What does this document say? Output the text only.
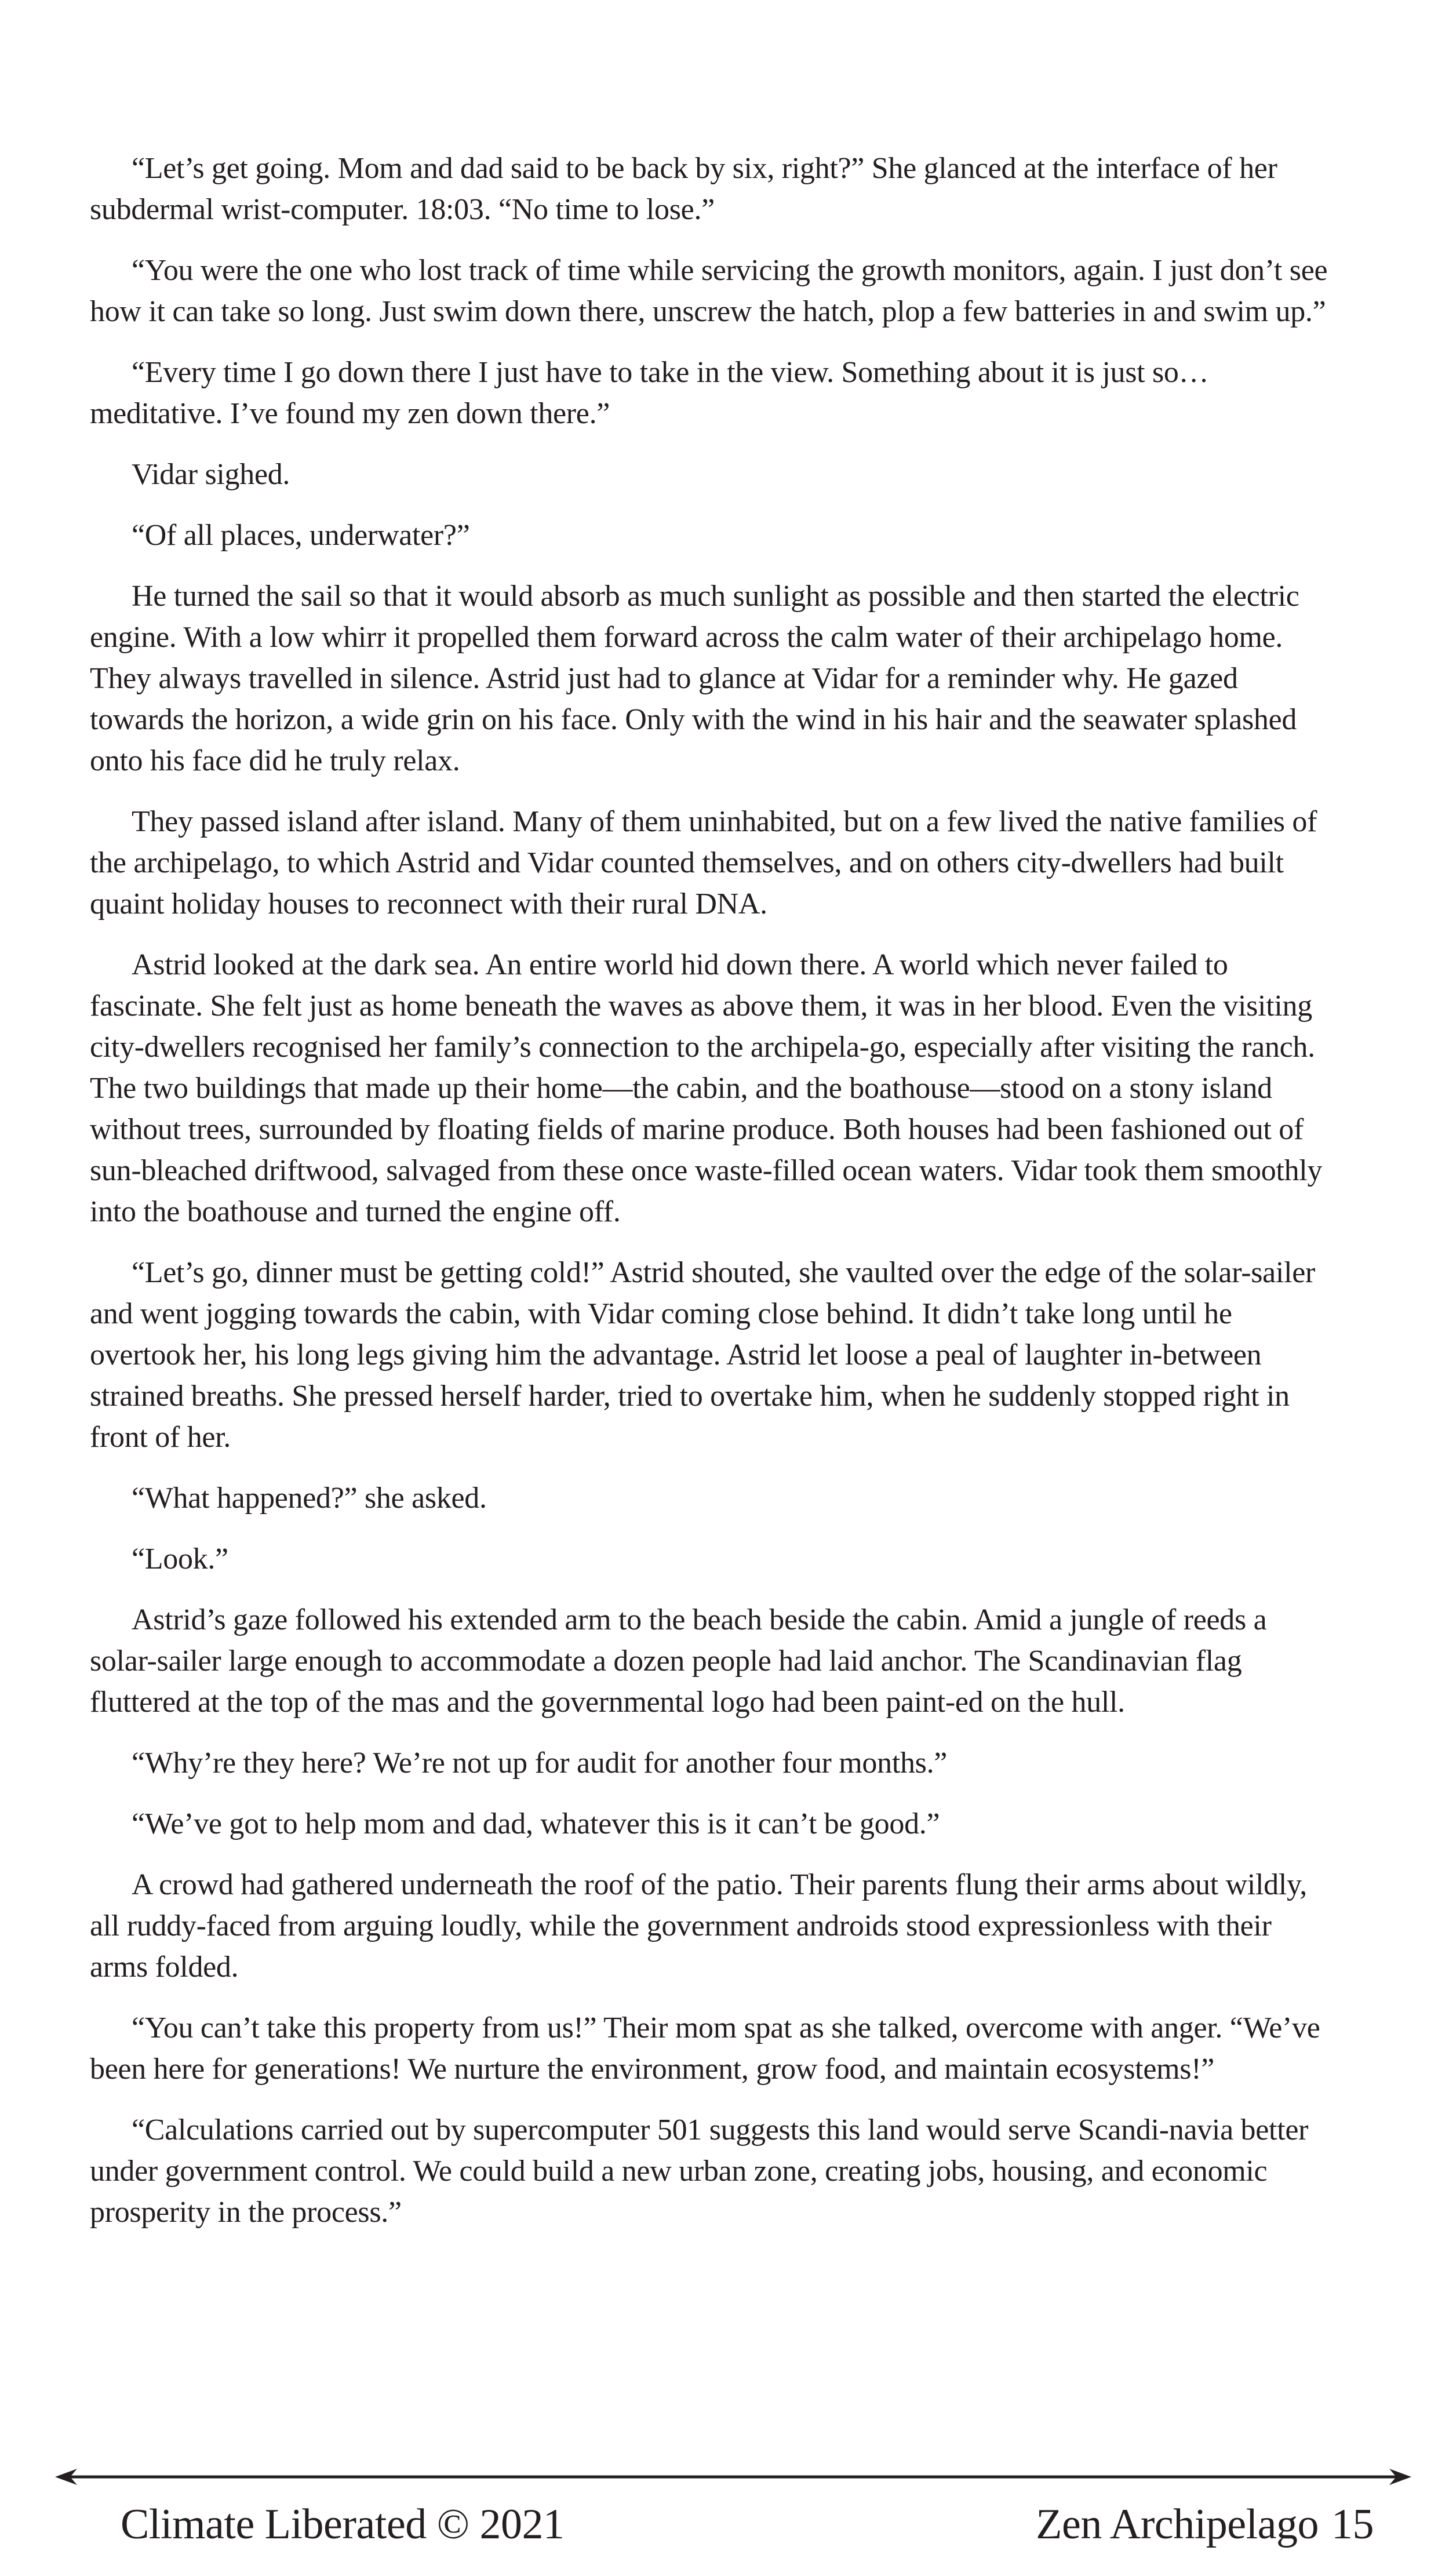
“Let’s get going. Mom and dad said to be back by six, right?” She glanced at the interface of her subdermal wrist-computer. 18:03. “No time to lose.”

“You were the one who lost track of time while servicing the growth monitors, again. I just don’t see how it can take so long. Just swim down there, unscrew the hatch, plop a few batteries in and swim up.”

“Every time I go down there I just have to take in the view. Something about it is just so… meditative. I’ve found my zen down there.”

Vidar sighed.

“Of all places, underwater?”

He turned the sail so that it would absorb as much sunlight as possible and then started the electric engine. With a low whirr it propelled them forward across the calm water of their archipelago home. They always travelled in silence. Astrid just had to glance at Vidar for a reminder why. He gazed towards the horizon, a wide grin on his face. Only with the wind in his hair and the seawater splashed onto his face did he truly relax.

They passed island after island. Many of them uninhabited, but on a few lived the native families of the archipelago, to which Astrid and Vidar counted themselves, and on others city-dwellers had built quaint holiday houses to reconnect with their rural DNA.

Astrid looked at the dark sea. An entire world hid down there. A world which never failed to fascinate. She felt just as home beneath the waves as above them, it was in her blood. Even the visiting city-dwellers recognised her family’s connection to the archipela-go, especially after visiting the ranch. The two buildings that made up their home—the cabin, and the boathouse—stood on a stony island without trees, surrounded by floating fields of marine produce. Both houses had been fashioned out of sun-bleached driftwood, salvaged from these once waste-filled ocean waters. Vidar took them smoothly into the boathouse and turned the engine off.

“Let’s go, dinner must be getting cold!” Astrid shouted, she vaulted over the edge of the solar-sailer and went jogging towards the cabin, with Vidar coming close behind. It didn’t take long until he overtook her, his long legs giving him the advantage. Astrid let loose a peal of laughter in-between strained breaths. She pressed herself harder, tried to overtake him, when he suddenly stopped right in front of her.

“What happened?” she asked.

“Look.”

Astrid’s gaze followed his extended arm to the beach beside the cabin. Amid a jungle of reeds a solar-sailer large enough to accommodate a dozen people had laid anchor. The Scandinavian flag fluttered at the top of the mas and the governmental logo had been paint-ed on the hull.

“Why’re they here? We’re not up for audit for another four months.”

“We’ve got to help mom and dad, whatever this is it can’t be good.”

A crowd had gathered underneath the roof of the patio. Their parents flung their arms about wildly, all ruddy-faced from arguing loudly, while the government androids stood expressionless with their arms folded.

“You can’t take this property from us!” Their mom spat as she talked, overcome with anger. “We’ve been here for generations! We nurture the environment, grow food, and maintain ecosystems!”

“Calculations carried out by supercomputer 501 suggests this land would serve Scandi-navia better under government control. We could build a new urban zone, creating jobs, housing, and economic prosperity in the process.”

Climate Liberated © 2021	Zen Archipelago 15
